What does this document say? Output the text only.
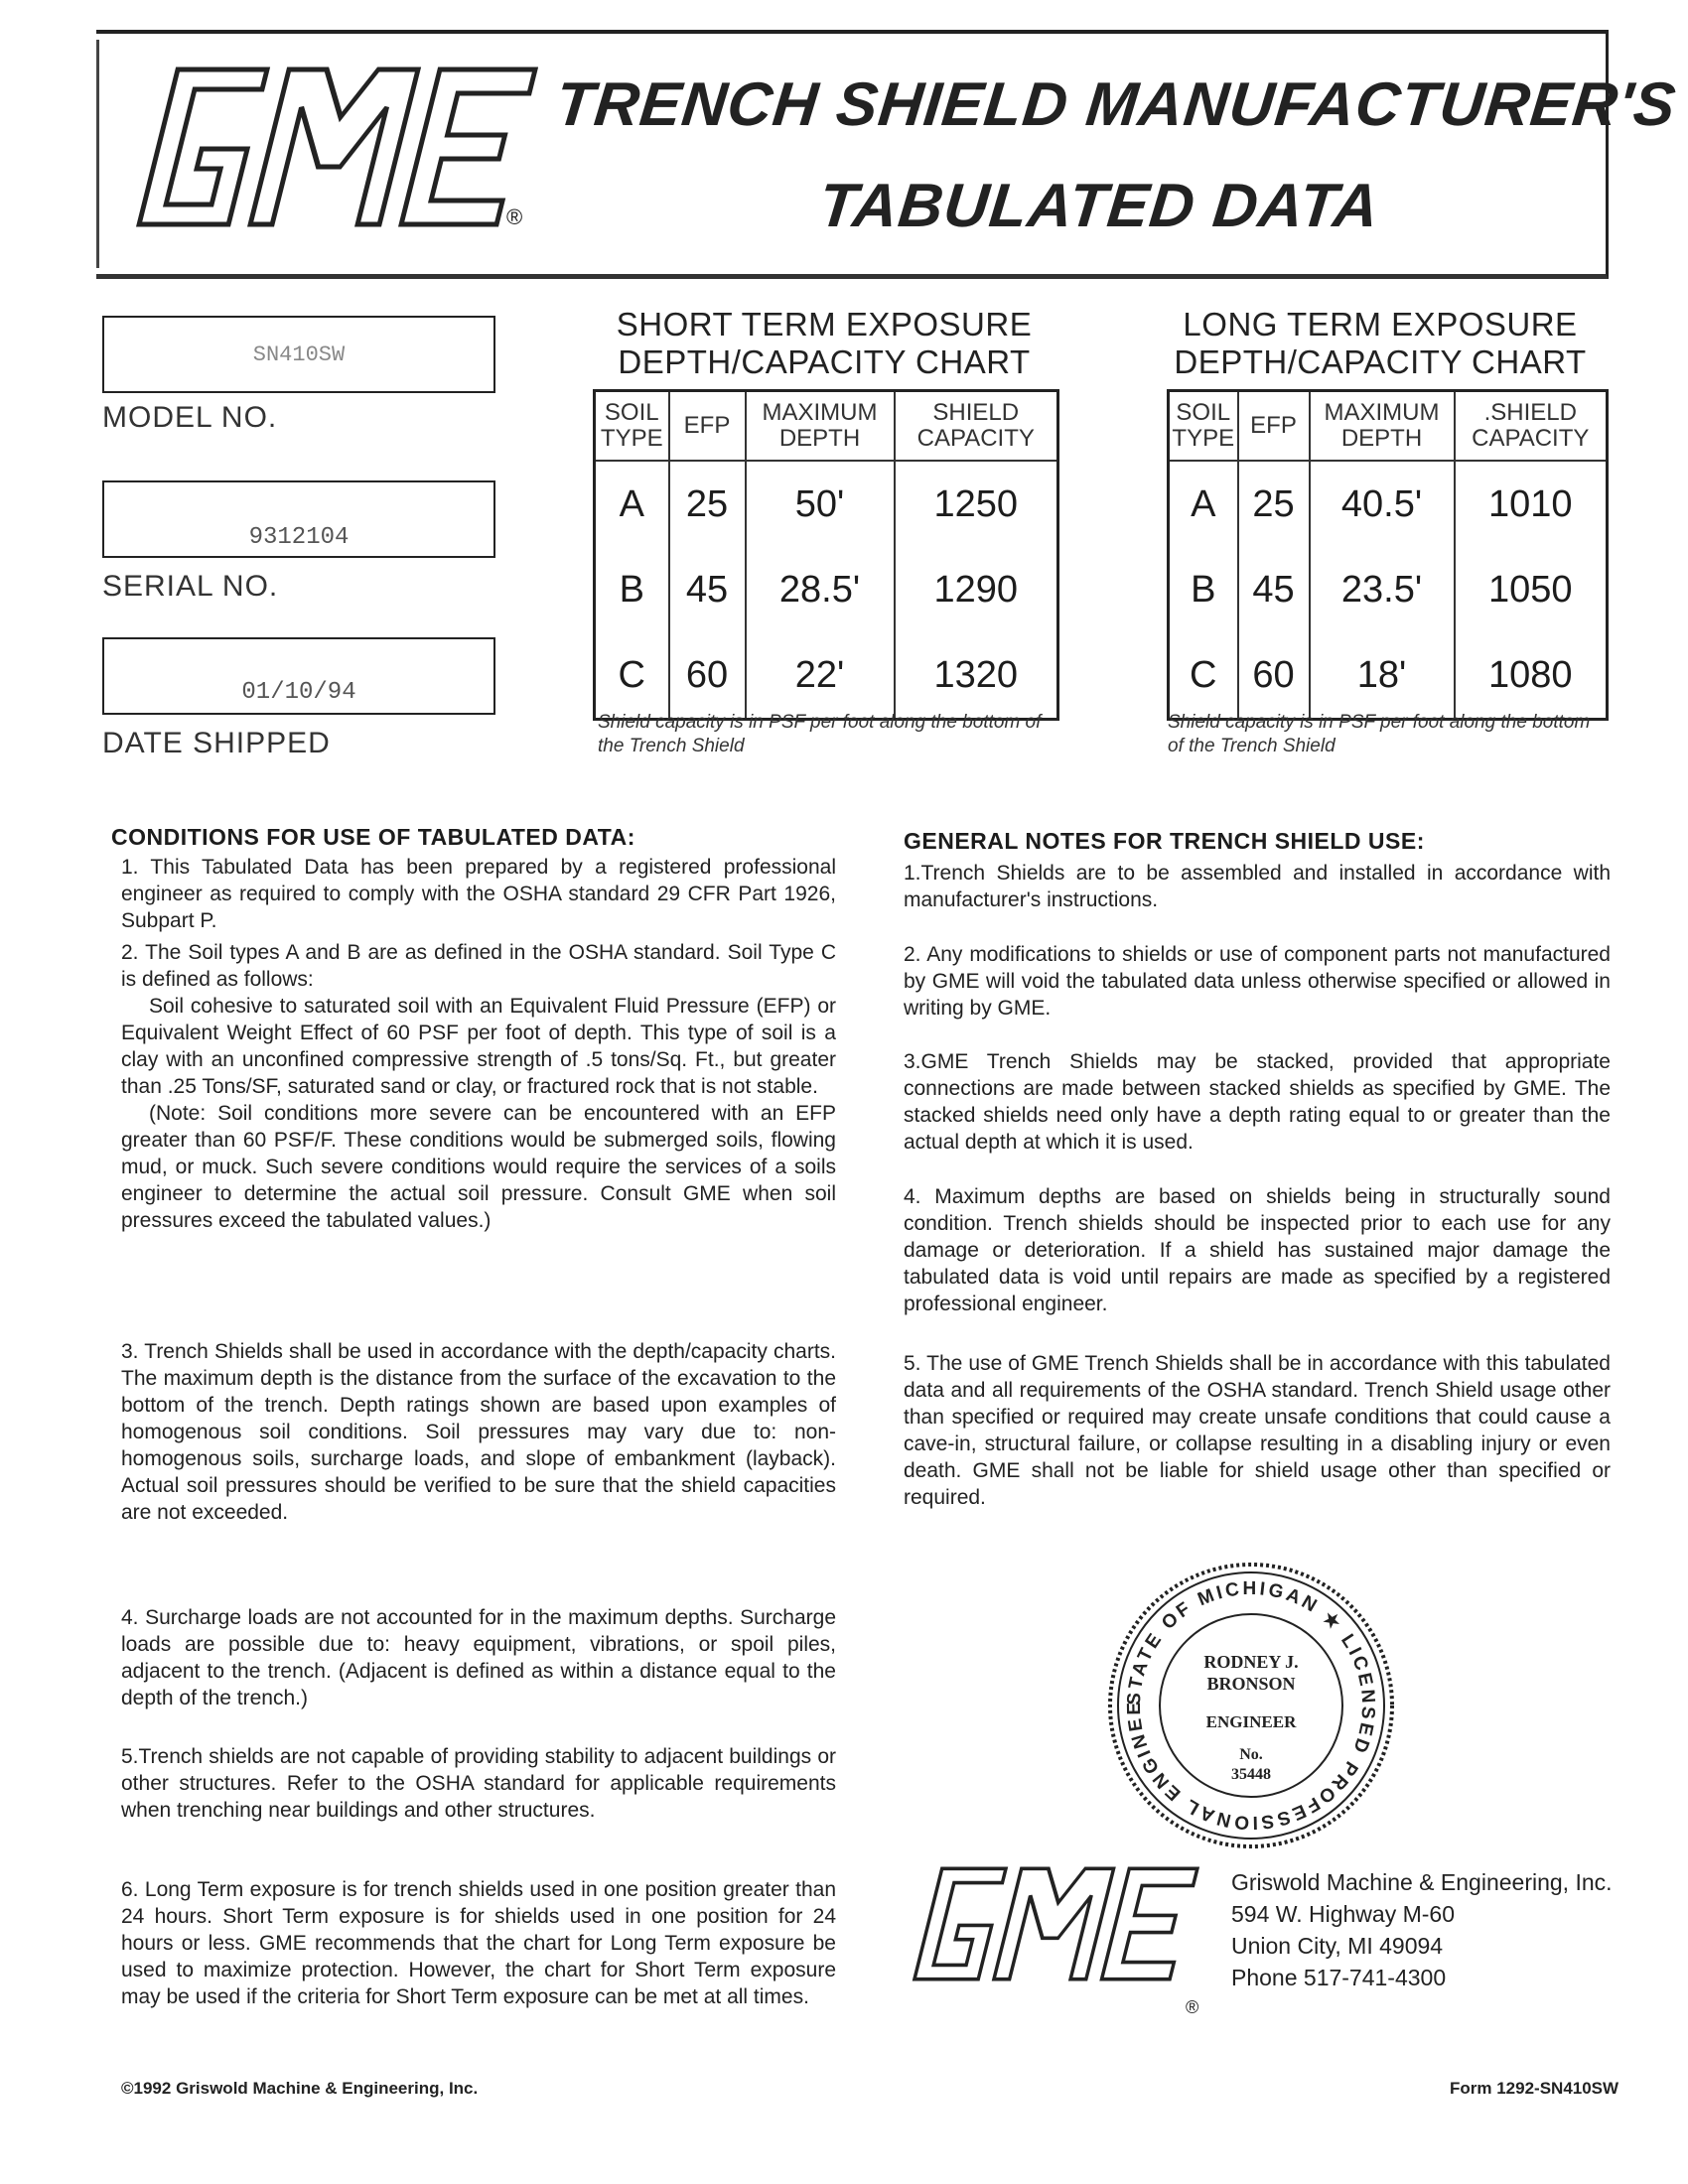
®
TRENCH SHIELD MANUFACTURER'S
TABULATED DATA
SN410SW
MODEL NO.
9312104
SERIAL NO.
01/10/94
DATE SHIPPED
SHORT TERM EXPOSURE
DEPTH/CAPACITY CHART
SOIL TYPE	EFP	MAXIMUM DEPTH	SHIELD CAPACITY
A	25	50'	1250
B	45	28.5'	1290
C	60	22'	1320
Shield capacity is in PSF per foot along the bottom of the Trench Shield
LONG TERM EXPOSURE
DEPTH/CAPACITY CHART
SOIL TYPE	EFP	MAXIMUM DEPTH	.SHIELD CAPACITY
A	25	40.5'	1010
B	45	23.5'	1050
C	60	18'	1080
Shield capacity is in PSF per foot along the bottom of the Trench Shield
CONDITIONS FOR USE OF TABULATED DATA:
1. This Tabulated Data has been prepared by a registered professional engineer as required to comply with the OSHA standard 29 CFR Part 1926, Subpart P.
2. The Soil types A and B are as defined in the OSHA standard. Soil Type C is defined as follows:
Soil cohesive to saturated soil with an Equivalent Fluid Pressure (EFP) or Equivalent Weight Effect of 60 PSF per foot of depth. This type of soil is a clay with an unconfined compressive strength of .5 tons/Sq. Ft., but greater than .25 Tons/SF, saturated sand or clay, or fractured rock that is not stable.
(Note: Soil conditions more severe can be encountered with an EFP greater than 60 PSF/F. These conditions would be submerged soils, flowing mud, or muck. Such severe conditions would require the services of a soils engineer to determine the actual soil pressure. Consult GME when soil pressures exceed the tabulated values.)
3. Trench Shields shall be used in accordance with the depth/capacity charts. The maximum depth is the distance from the surface of the excavation to the bottom of the trench. Depth ratings shown are based upon examples of homogenous soil conditions. Soil pressures may vary due to: non-homogenous soils, surcharge loads, and slope of embankment (layback). Actual soil pressures should be verified to be sure that the shield capacities are not exceeded.
4. Surcharge loads are not accounted for in the maximum depths. Surcharge loads are possible due to: heavy equipment, vibrations, or spoil piles, adjacent to the trench. (Adjacent is defined as within a distance equal to the depth of the trench.)
5.Trench shields are not capable of providing stability to adjacent buildings or other structures. Refer to the OSHA standard for applicable requirements when trenching near buildings and other structures.
6. Long Term exposure is for trench shields used in one position greater than 24 hours. Short Term exposure is for shields used in one position for 24 hours or less. GME recommends that the chart for Long Term exposure be used to maximize protection. However, the chart for Short Term exposure may be used if the criteria for Short Term exposure can be met at all times.
GENERAL NOTES FOR TRENCH SHIELD USE:
1.Trench Shields are to be assembled and installed in accordance with manufacturer's instructions.
2. Any modifications to shields or use of component parts not manufactured by GME will void the tabulated data unless otherwise specified or allowed in writing by GME.
3.GME Trench Shields may be stacked, provided that appropriate connections are made between stacked shields as specified by GME. The stacked shields need only have a depth rating equal to or greater than the actual depth at which it is used.
4. Maximum depths are based on shields being in structurally sound condition. Trench shields should be inspected prior to each use for any damage or deterioration. If a shield has sustained major damage the tabulated data is void until repairs are made as specified by a registered professional engineer.
5. The use of GME Trench Shields shall be in accordance with this tabulated data and all requirements of the OSHA standard. Trench Shield usage other than specified or required may create unsafe conditions that could cause a cave-in, structural failure, or collapse resulting in a disabling injury or even death. GME shall not be liable for shield usage other than specified or required.
STATE OF MICHIGAN ★ LICENSED PROFESSIONAL ENGINEE
RODNEY J.
BRONSON
ENGINEER
No.
35448
®
Griswold Machine & Engineering, Inc.
594 W. Highway M-60
Union City, MI 49094
Phone 517-741-4300
©1992 Griswold Machine & Engineering, Inc.	Form 1292-SN410SW
